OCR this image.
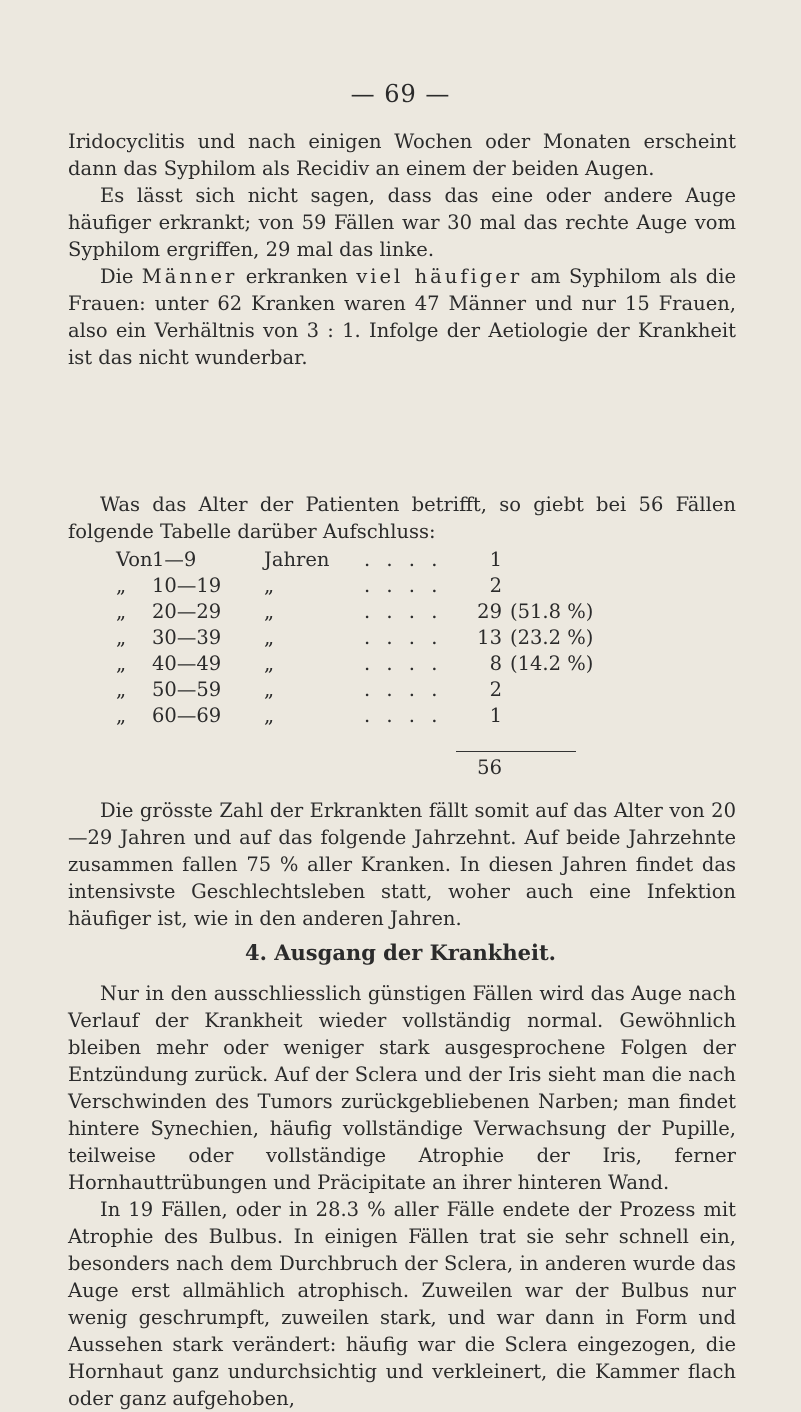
— 69 —
Iridocyclitis und nach einigen Wochen oder Monaten erscheint dann das Syphilom als Recidiv an einem der beiden Augen.
Es lässt sich nicht sagen, dass das eine oder andere Auge häufiger erkrankt; von 59 Fällen war 30 mal das rechte Auge vom Syphilom ergriffen, 29 mal das linke.
Die Männer erkranken viel häufiger am Syphilom als die Frauen: unter 62 Kranken waren 47 Männer und nur 15 Frauen, also ein Verhältnis von 3 : 1. Infolge der Aetiologie der Krankheit ist das nicht wunderbar.
Was das Alter der Patienten betrifft, so giebt bei 56 Fällen folgende Tabelle darüber Aufschluss:
Von 1—9	Jahren . . . .	1
„	10—19 „	. . . .	2
„	20—29 „	. . . .	29 (51.8 %)
„	30—39 „	. . . .	13 (23.2 %)
„	40—49 „	. . . .	8 (14.2 %)
„	50—59 „	. . . .	2
„	60—69 „	. . . .	1
56
Die grösste Zahl der Erkrankten fällt somit auf das Alter von 20—29 Jahren und auf das folgende Jahrzehnt. Auf beide Jahrzehnte zusammen fallen 75 % aller Kranken. In diesen Jahren findet das intensivste Geschlechtsleben statt, woher auch eine Infektion häufiger ist, wie in den anderen Jahren.
4. Ausgang der Krankheit.
Nur in den ausschliesslich günstigen Fällen wird das Auge nach Verlauf der Krankheit wieder vollständig normal. Gewöhnlich bleiben mehr oder weniger stark ausgesprochene Folgen der Entzündung zurück. Auf der Sclera und der Iris sieht man die nach Verschwinden des Tumors zurückgebliebenen Narben; man findet hintere Synechien, häufig vollständige Verwachsung der Pupille, teilweise oder vollständige Atrophie der Iris, ferner Hornhauttrübungen und Präcipitate an ihrer hinteren Wand.
In 19 Fällen, oder in 28.3 % aller Fälle endete der Prozess mit Atrophie des Bulbus. In einigen Fällen trat sie sehr schnell ein, besonders nach dem Durchbruch der Sclera, in anderen wurde das Auge erst allmählich atrophisch. Zuweilen war der Bulbus nur wenig geschrumpft, zuweilen stark, und war dann in Form und Aussehen stark verändert: häufig war die Sclera eingezogen, die Hornhaut ganz undurchsichtig und verkleinert, die Kammer flach oder ganz aufgehoben,
